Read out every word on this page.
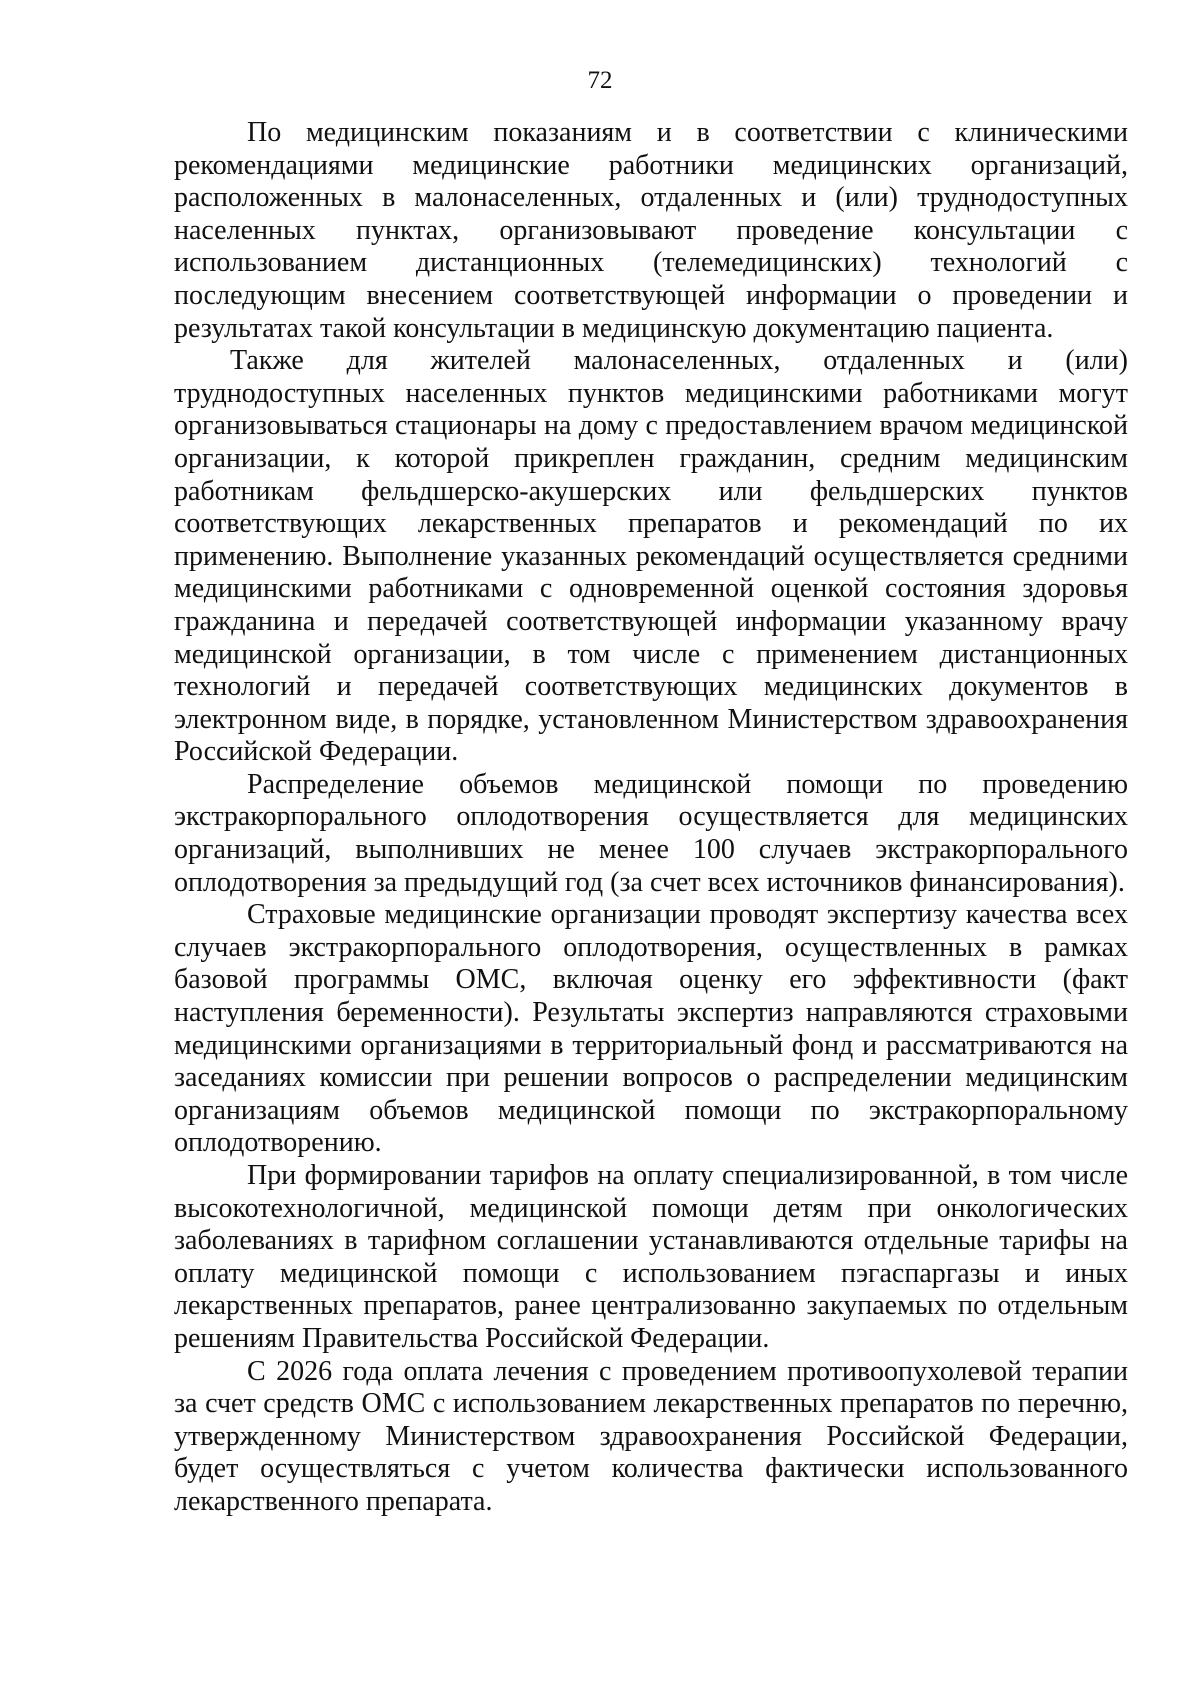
72

По медицинским показаниям и в соответствии с клиническими рекомендациями медицинские работники медицинских организаций, расположенных в малонаселенных, отдаленных и (или) труднодоступных населенных пунктах, организовывают проведение консультации с использованием дистанционных (телемедицинских) технологий с последующим внесением соответствующей информации о проведении и результатах такой консультации в медицинскую документацию пациента.

Также для жителей малонаселенных, отдаленных и (или) труднодоступных населенных пунктов медицинскими работниками могут организовываться стационары на дому с предоставлением врачом медицинской организации, к которой прикреплен гражданин, средним медицинским работникам фельдшерско-акушерских или фельдшерских пунктов соответствующих лекарственных препаратов и рекомендаций по их применению. Выполнение указанных рекомендаций осуществляется средними медицинскими работниками с одновременной оценкой состояния здоровья гражданина и передачей соответствующей информации указанному врачу медицинской организации, в том числе с применением дистанционных технологий и передачей соответствующих медицинских документов в электронном виде, в порядке, установленном Министерством здравоохранения Российской Федерации.

Распределение объемов медицинской помощи по проведению экстракорпорального оплодотворения осуществляется для медицинских организаций, выполнивших не менее 100 случаев экстракорпорального оплодотворения за предыдущий год (за счет всех источников финансирования).

Страховые медицинские организации проводят экспертизу качества всех случаев экстракорпорального оплодотворения, осуществленных в рамках базовой программы ОМС, включая оценку его эффективности (факт наступления беременности). Результаты экспертиз направляются страховыми медицинскими организациями в территориальный фонд и рассматриваются на заседаниях комиссии при решении вопросов о распределении медицинским организациям объемов медицинской помощи по экстракорпоральному оплодотворению.

При формировании тарифов на оплату специализированной, в том числе высокотехнологичной, медицинской помощи детям при онкологических заболеваниях в тарифном соглашении устанавливаются отдельные тарифы на оплату медицинской помощи с использованием пэгаспаргазы и иных лекарственных препаратов, ранее централизованно закупаемых по отдельным решениям Правительства Российской Федерации.

С 2026 года оплата лечения с проведением противоопухолевой терапии за счет средств ОМС с использованием лекарственных препаратов по перечню, утвержденному Министерством здравоохранения Российской Федерации, будет осуществляться с учетом количества фактически использованного лекарственного препарата.
